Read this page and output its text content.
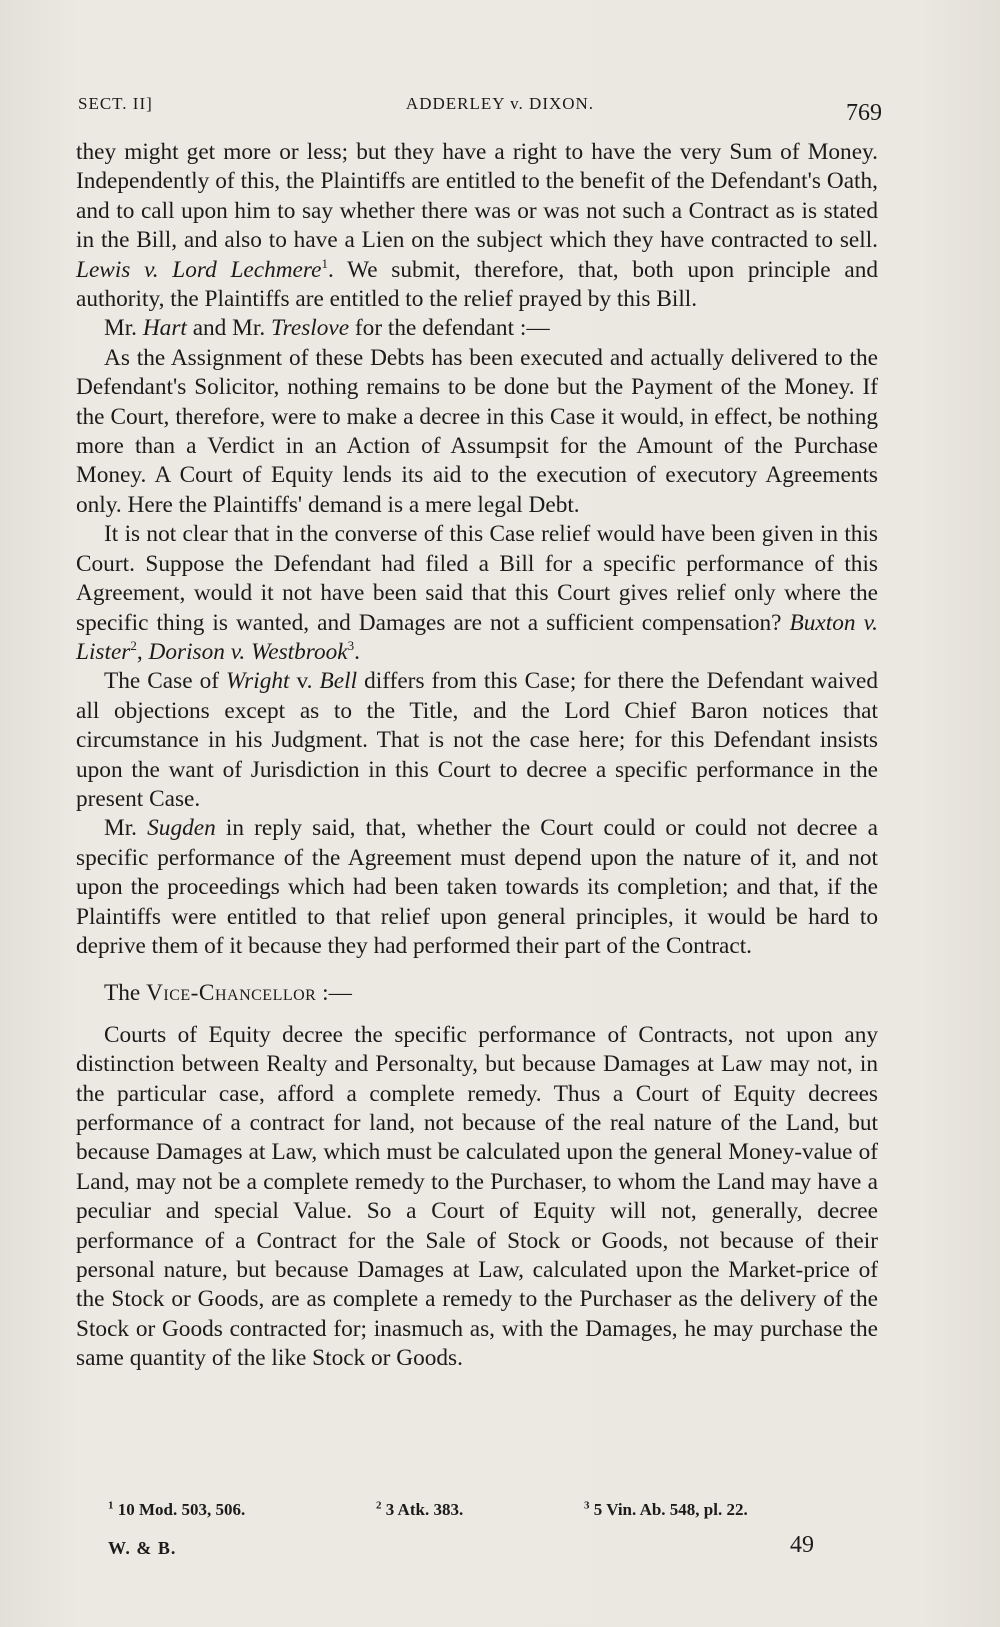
SECT. II]	ADDERLEY v. DIXON.	769

they might get more or less; but they have a right to have the very Sum of Money. Independently of this, the Plaintiffs are entitled to the benefit of the Defendant's Oath, and to call upon him to say whether there was or was not such a Contract as is stated in the Bill, and also to have a Lien on the subject which they have contracted to sell. Lewis v. Lord Lechmere$^1$. We submit, therefore, that, both upon principle and authority, the Plaintiffs are entitled to the relief prayed by this Bill.

Mr. Hart and Mr. Treslove for the defendant :—

As the Assignment of these Debts has been executed and actually delivered to the Defendant's Solicitor, nothing remains to be done but the Payment of the Money. If the Court, therefore, were to make a decree in this Case it would, in effect, be nothing more than a Verdict in an Action of Assumpsit for the Amount of the Purchase Money. A Court of Equity lends its aid to the execution of executory Agreements only. Here the Plaintiffs' demand is a mere legal Debt.

It is not clear that in the converse of this Case relief would have been given in this Court. Suppose the Defendant had filed a Bill for a specific performance of this Agreement, would it not have been said that this Court gives relief only where the specific thing is wanted, and Damages are not a sufficient compensation? Buxton v. Lister$^2$, Dorison v. Westbrook$^3$.

The Case of Wright v. Bell differs from this Case; for there the Defendant waived all objections except as to the Title, and the Lord Chief Baron notices that circumstance in his Judgment. That is not the case here; for this Defendant insists upon the want of Jurisdiction in this Court to decree a specific performance in the present Case.

Mr. Sugden in reply said, that, whether the Court could or could not decree a specific performance of the Agreement must depend upon the nature of it, and not upon the proceedings which had been taken towards its completion; and that, if the Plaintiffs were entitled to that relief upon general principles, it would be hard to deprive them of it because they had performed their part of the Contract.

The Vice-Chancellor :—

Courts of Equity decree the specific performance of Contracts, not upon any distinction between Realty and Personalty, but because Damages at Law may not, in the particular case, afford a complete remedy. Thus a Court of Equity decrees performance of a contract for land, not because of the real nature of the Land, but because Damages at Law, which must be calculated upon the general Money-value of Land, may not be a complete remedy to the Purchaser, to whom the Land may have a peculiar and special Value. So a Court of Equity will not, generally, decree performance of a Contract for the Sale of Stock or Goods, not because of their personal nature, but because Damages at Law, calculated upon the Market-price of the Stock or Goods, are as complete a remedy to the Purchaser as the delivery of the Stock or Goods contracted for; inasmuch as, with the Damages, he may purchase the same quantity of the like Stock or Goods.

$^1$ 10 Mod. 503, 506.	$^2$ 3 Atk. 383.	$^3$ 5 Vin. Ab. 548, pl. 22.
W. & B.	49
